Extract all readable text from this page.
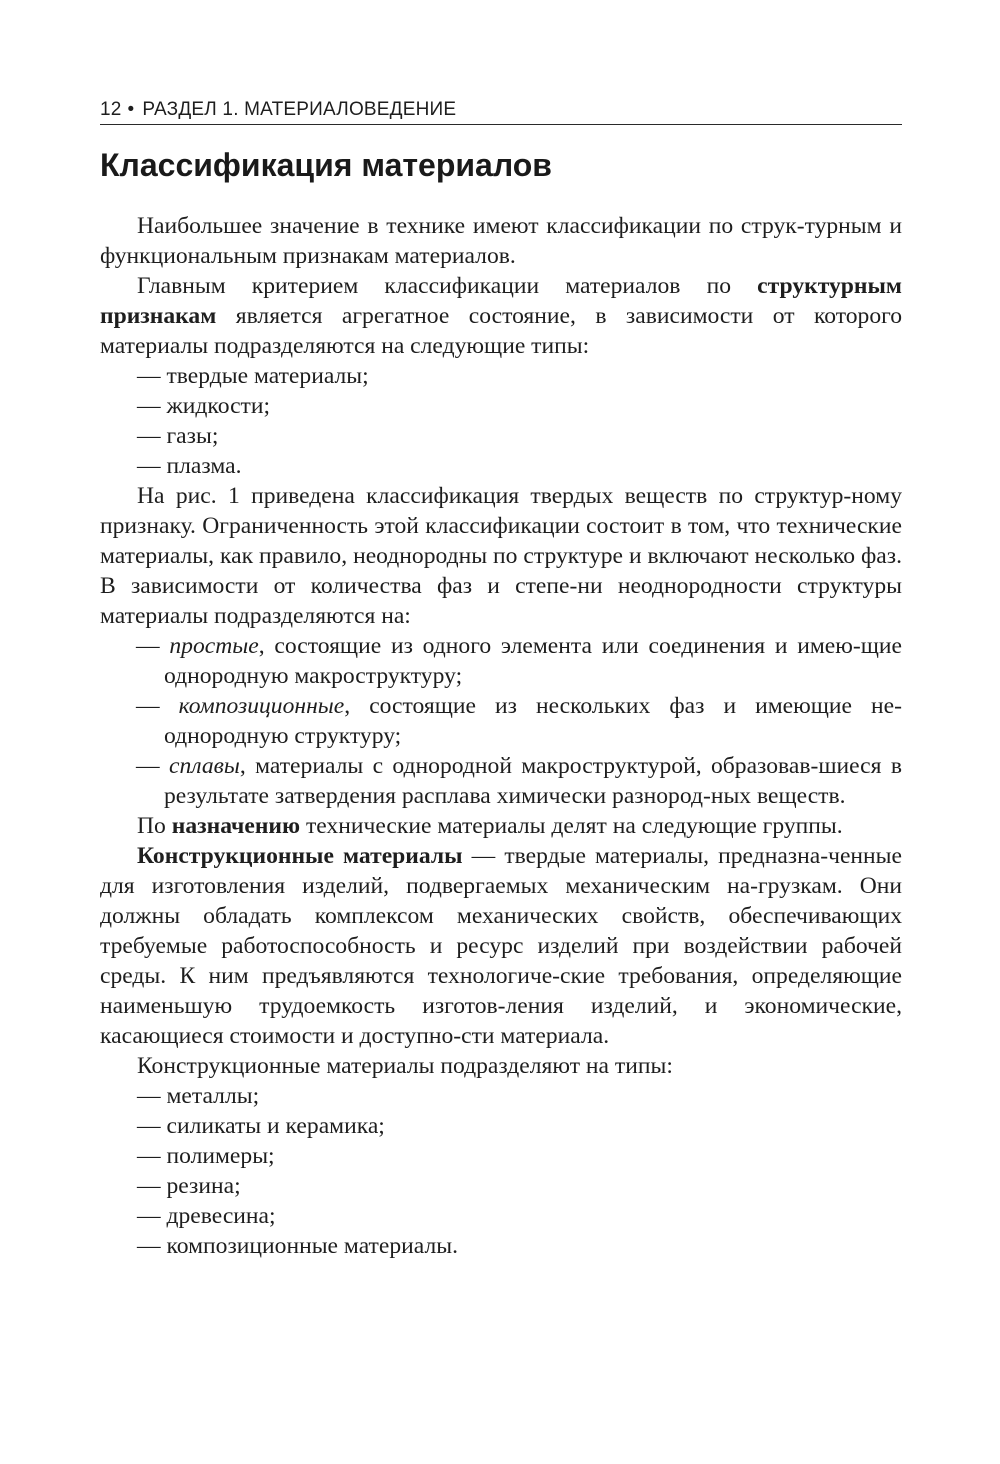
12 • РАЗДЕЛ 1. МАТЕРИАЛОВЕДЕНИЕ
Классификация материалов

Наибольшее значение в технике имеют классификации по струк-турным и функциональным признакам материалов.

Главным критерием классификации материалов по структурным признакам является агрегатное состояние, в зависимости от которого материалы подразделяются на следующие типы:

— твердые материалы;
— жидкости;
— газы;
— плазма.

На рис. 1 приведена классификация твердых веществ по структур-ному признаку. Ограниченность этой классификации состоит в том, что технические материалы, как правило, неоднородны по структуре и включают несколько фаз. В зависимости от количества фаз и степе-ни неоднородности структуры материалы подразделяются на:

— простые, состоящие из одного элемента или соединения и имею-щие однородную макроструктуру;
— композиционные, состоящие из нескольких фаз и имеющие не-однородную структуру;
— сплавы, материалы с однородной макроструктурой, образовав-шиеся в результате затвердения расплава химически разнород-ных веществ.

По назначению технические материалы делят на следующие группы.

Конструкционные материалы — твердые материалы, предназна-ченные для изготовления изделий, подвергаемых механическим на-грузкам. Они должны обладать комплексом механических свойств, обеспечивающих требуемые работоспособность и ресурс изделий при воздействии рабочей среды. К ним предъявляются технологиче-ские требования, определяющие наименьшую трудоемкость изготов-ления изделий, и экономические, касающиеся стоимости и доступно-сти материала.

Конструкционные материалы подразделяют на типы:

— металлы;
— силикаты и керамика;
— полимеры;
— резина;
— древесина;
— композиционные материалы.
